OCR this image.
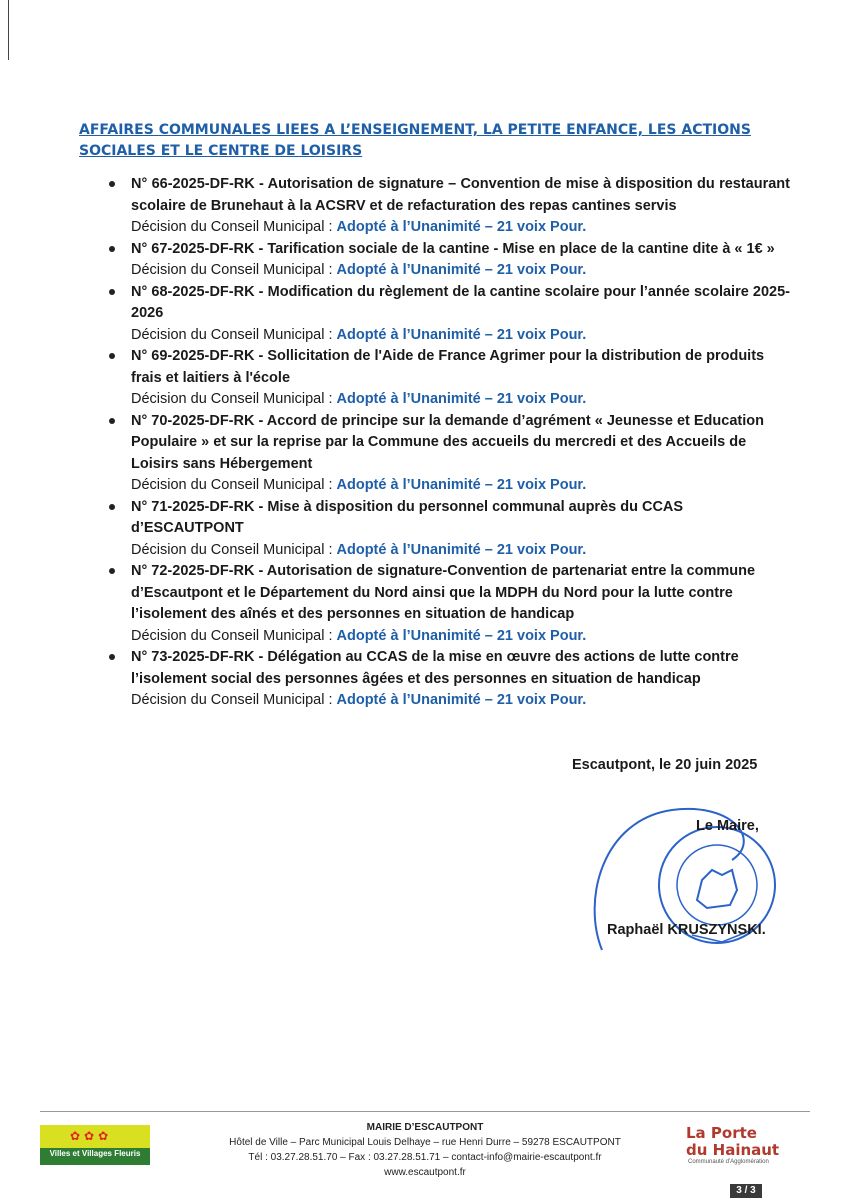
AFFAIRES COMMUNALES LIEES A L’ENSEIGNEMENT, LA PETITE ENFANCE, LES ACTIONS SOCIALES ET LE CENTRE DE LOISIRS
N° 66-2025-DF-RK - Autorisation de signature – Convention de mise à disposition du restaurant scolaire de Brunehaut à la ACSRV et de refacturation des repas cantines servis
Décision du Conseil Municipal : Adopté à l’Unanimité – 21 voix Pour.
N° 67-2025-DF-RK - Tarification sociale de la cantine - Mise en place de la cantine dite à « 1€ »
Décision du Conseil Municipal : Adopté à l’Unanimité – 21 voix Pour.
N° 68-2025-DF-RK - Modification du règlement de la cantine scolaire pour l’année scolaire 2025-2026
Décision du Conseil Municipal : Adopté à l’Unanimité – 21 voix Pour.
N° 69-2025-DF-RK - Sollicitation de l'Aide de France Agrimer pour la distribution de produits frais et laitiers à l'école
Décision du Conseil Municipal : Adopté à l’Unanimité – 21 voix Pour.
N° 70-2025-DF-RK - Accord de principe sur la demande d’agrément « Jeunesse et Education Populaire » et sur la reprise par la Commune des accueils du mercredi et des Accueils de Loisirs sans Hébergement
Décision du Conseil Municipal : Adopté à l’Unanimité – 21 voix Pour.
N° 71-2025-DF-RK - Mise à disposition du personnel communal auprès du CCAS d’ESCAUTPONT
Décision du Conseil Municipal : Adopté à l’Unanimité – 21 voix Pour.
N° 72-2025-DF-RK - Autorisation de signature-Convention de partenariat entre la commune d’Escautpont et le Département du Nord ainsi que la MDPH du Nord pour la lutte contre l’isolement des aînés et des personnes en situation de handicap
Décision du Conseil Municipal : Adopté à l’Unanimité – 21 voix Pour.
N° 73-2025-DF-RK - Délégation au CCAS de la mise en œuvre des actions de lutte contre l’isolement social des personnes âgées et des personnes en situation de handicap
Décision du Conseil Municipal : Adopté à l’Unanimité – 21 voix Pour.
Escautpont, le 20 juin 2025
Le Maire,
Raphaël KRUSZYNSKI.
✿✿✿
Villes et Villages Fleuris
MAIRIE D’ESCAUTPONT
Hôtel de Ville – Parc Municipal Louis Delhaye – rue Henri Durre – 59278 ESCAUTPONT
Tél : 03.27.28.51.70 – Fax : 03.27.28.51.71 – contact-info@mairie-escautpont.fr
www.escautpont.fr
La Porte
du Hainaut
Communauté d'Agglomération
3 / 3
